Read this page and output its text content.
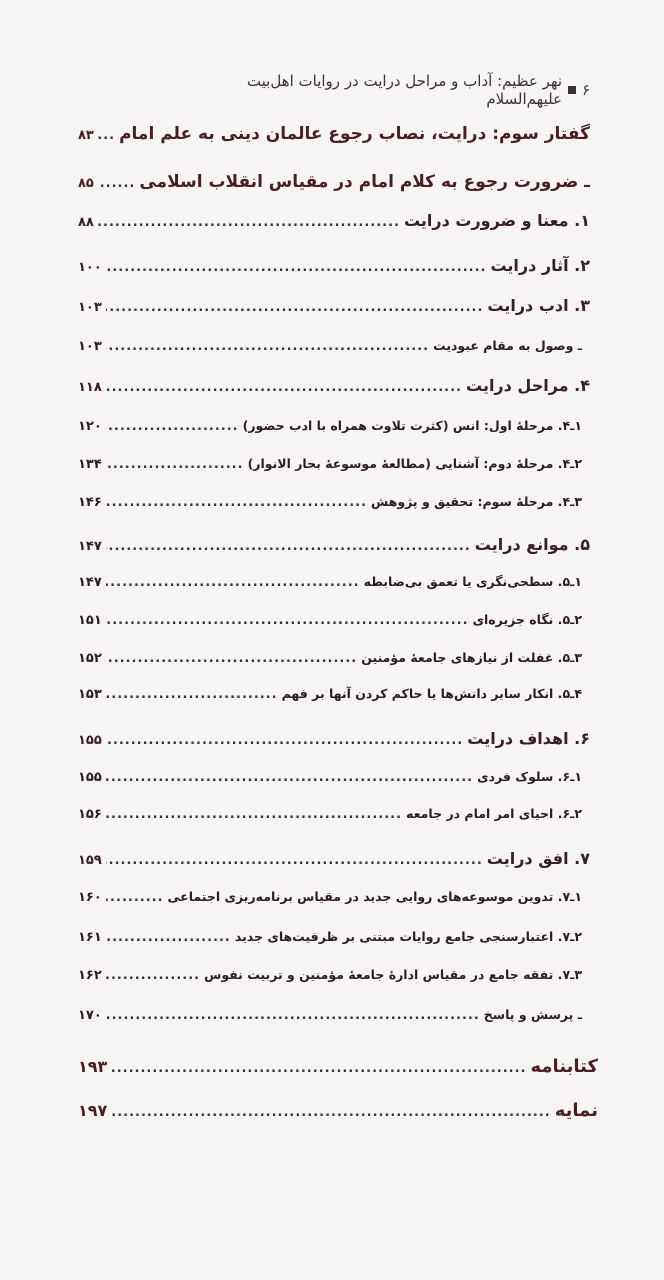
۶
نهر عظیم: آداب و مراحل درایت در روایات اهل‌بیت علیهم‌السلام
گفتار سوم: درایت، نصاب رجوع عالمان دینی به علم امام
.....
۸۳
ـ ضرورت رجوع به کلام امام در مقیاس انقلاب اسلامی
.....
۸۵
۱. معنا و ضرورت درایت
.....
۸۸
۲. آثار درایت
.....
۱۰۰
۳. ادب درایت
.....
۱۰۳
ـ وصول به مقام عبودیت
.....
۱۰۳
۴. مراحل درایت
.....
۱۱۸
۱ـ۴. مرحلهٔ اول: انس (کثرت تلاوت همراه با ادب حضور)
.....
۱۲۰
۲ـ۴. مرحلهٔ دوم: آشنایی (مطالعهٔ موسوعهٔ بحار الانوار)
.....
۱۳۴
۳ـ۴. مرحلهٔ سوم: تحقیق و پژوهش
.....
۱۴۶
۵. موانع درایت
.....
۱۴۷
۱ـ۵. سطحی‌نگری یا تعمق بی‌ضابطه
.....
۱۴۷
۲ـ۵. نگاه جزیره‌ای
.....
۱۵۱
۳ـ۵. غفلت از نیازهای جامعهٔ مؤمنین
.....
۱۵۲
۴ـ۵. انکار سایر دانش‌ها یا حاکم کردن آنها بر فهم
.....
۱۵۳
۶. اهداف درایت
.....
۱۵۵
۱ـ۶. سلوک فردی
.....
۱۵۵
۲ـ۶. احیای امر امام در جامعه
.....
۱۵۶
۷. افق درایت
.....
۱۵۹
۱ـ۷. تدوین موسوعه‌های روایی جدید در مقیاس برنامه‌ریزی اجتماعی
.....
۱۶۰
۲ـ۷. اعتبارسنجی جامع روایات مبتنی بر ظرفیت‌های جدید
.....
۱۶۱
۳ـ۷. تفقه جامع در مقیاس ادارهٔ جامعهٔ مؤمنین و تربیت نفوس
.....
۱۶۲
ـ پرسش و پاسخ
.....
۱۷۰
کتابنامه
.....
۱۹۳
نمایه
.....
۱۹۷
